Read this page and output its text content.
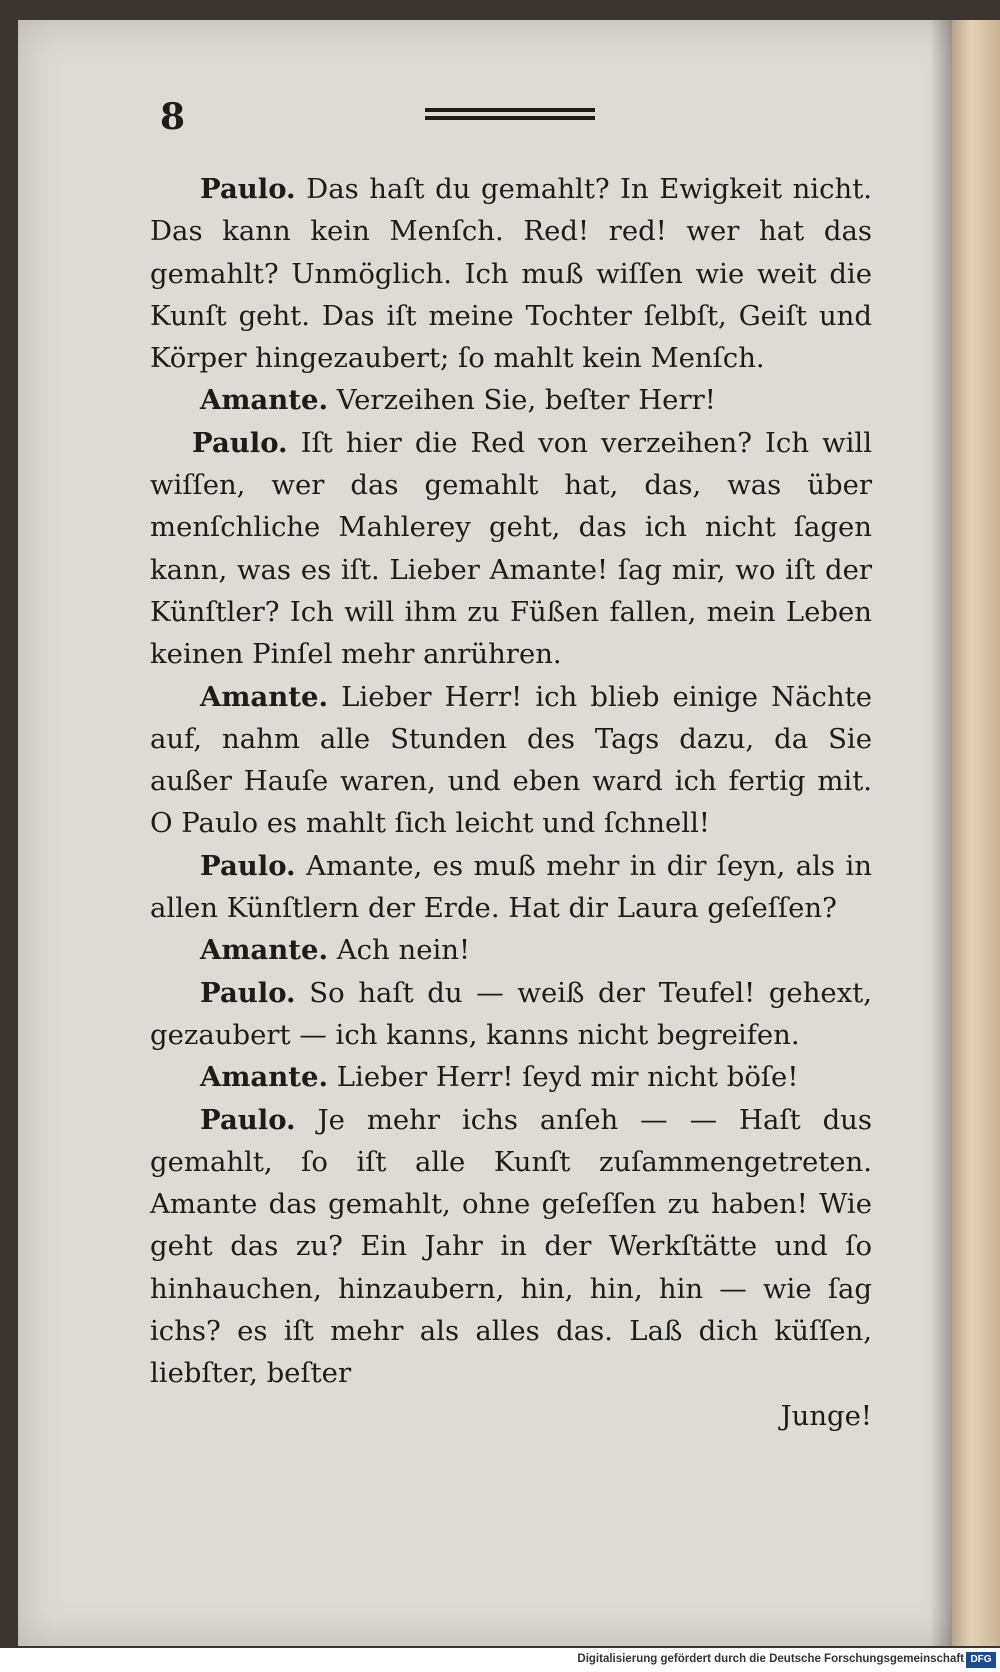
8

Paulo. Das haſt du gemahlt? In Ewigkeit nicht. Das kann kein Menſch. Red! red! wer hat das gemahlt? Unmöglich. Ich muß wiſſen wie weit die Kunſt geht. Das iſt meine Tochter ſelbſt, Geiſt und Körper hingezaubert; ſo mahlt kein Menſch.

Amante. Verzeihen Sie, beſter Herr!

Paulo. Iſt hier die Red von verzeihen? Ich will wiſſen, wer das gemahlt hat, das, was über menſchliche Mahlerey geht, das ich nicht ſagen kann, was es iſt. Lieber Amante! ſag mir, wo iſt der Künſtler? Ich will ihm zu Füßen fallen, mein Leben keinen Pinſel mehr anrühren.

Amante. Lieber Herr! ich blieb einige Nächte auf, nahm alle Stunden des Tags dazu, da Sie außer Hauſe waren, und eben ward ich fertig mit. O Paulo es mahlt ſich leicht und ſchnell!

Paulo. Amante, es muß mehr in dir ſeyn, als in allen Künſtlern der Erde. Hat dir Laura geſeſſen?

Amante. Ach nein!

Paulo. So haſt du — weiß der Teufel! gehext, gezaubert — ich kanns, kanns nicht begreifen.

Amante. Lieber Herr! ſeyd mir nicht böſe!

Paulo. Je mehr ichs anſeh — — Haſt dus gemahlt, ſo iſt alle Kunſt zuſammengetreten. Amante das gemahlt, ohne geſeſſen zu haben! Wie geht das zu? Ein Jahr in der Werkſtätte und ſo hinhauchen, hinzaubern, hin, hin, hin — wie ſag ichs? es iſt mehr als alles das. Laß dich küſſen, liebſter, beſter

Junge!

Digitalisierung gefördert durch die Deutsche Forschungsgemeinschaft DFG
